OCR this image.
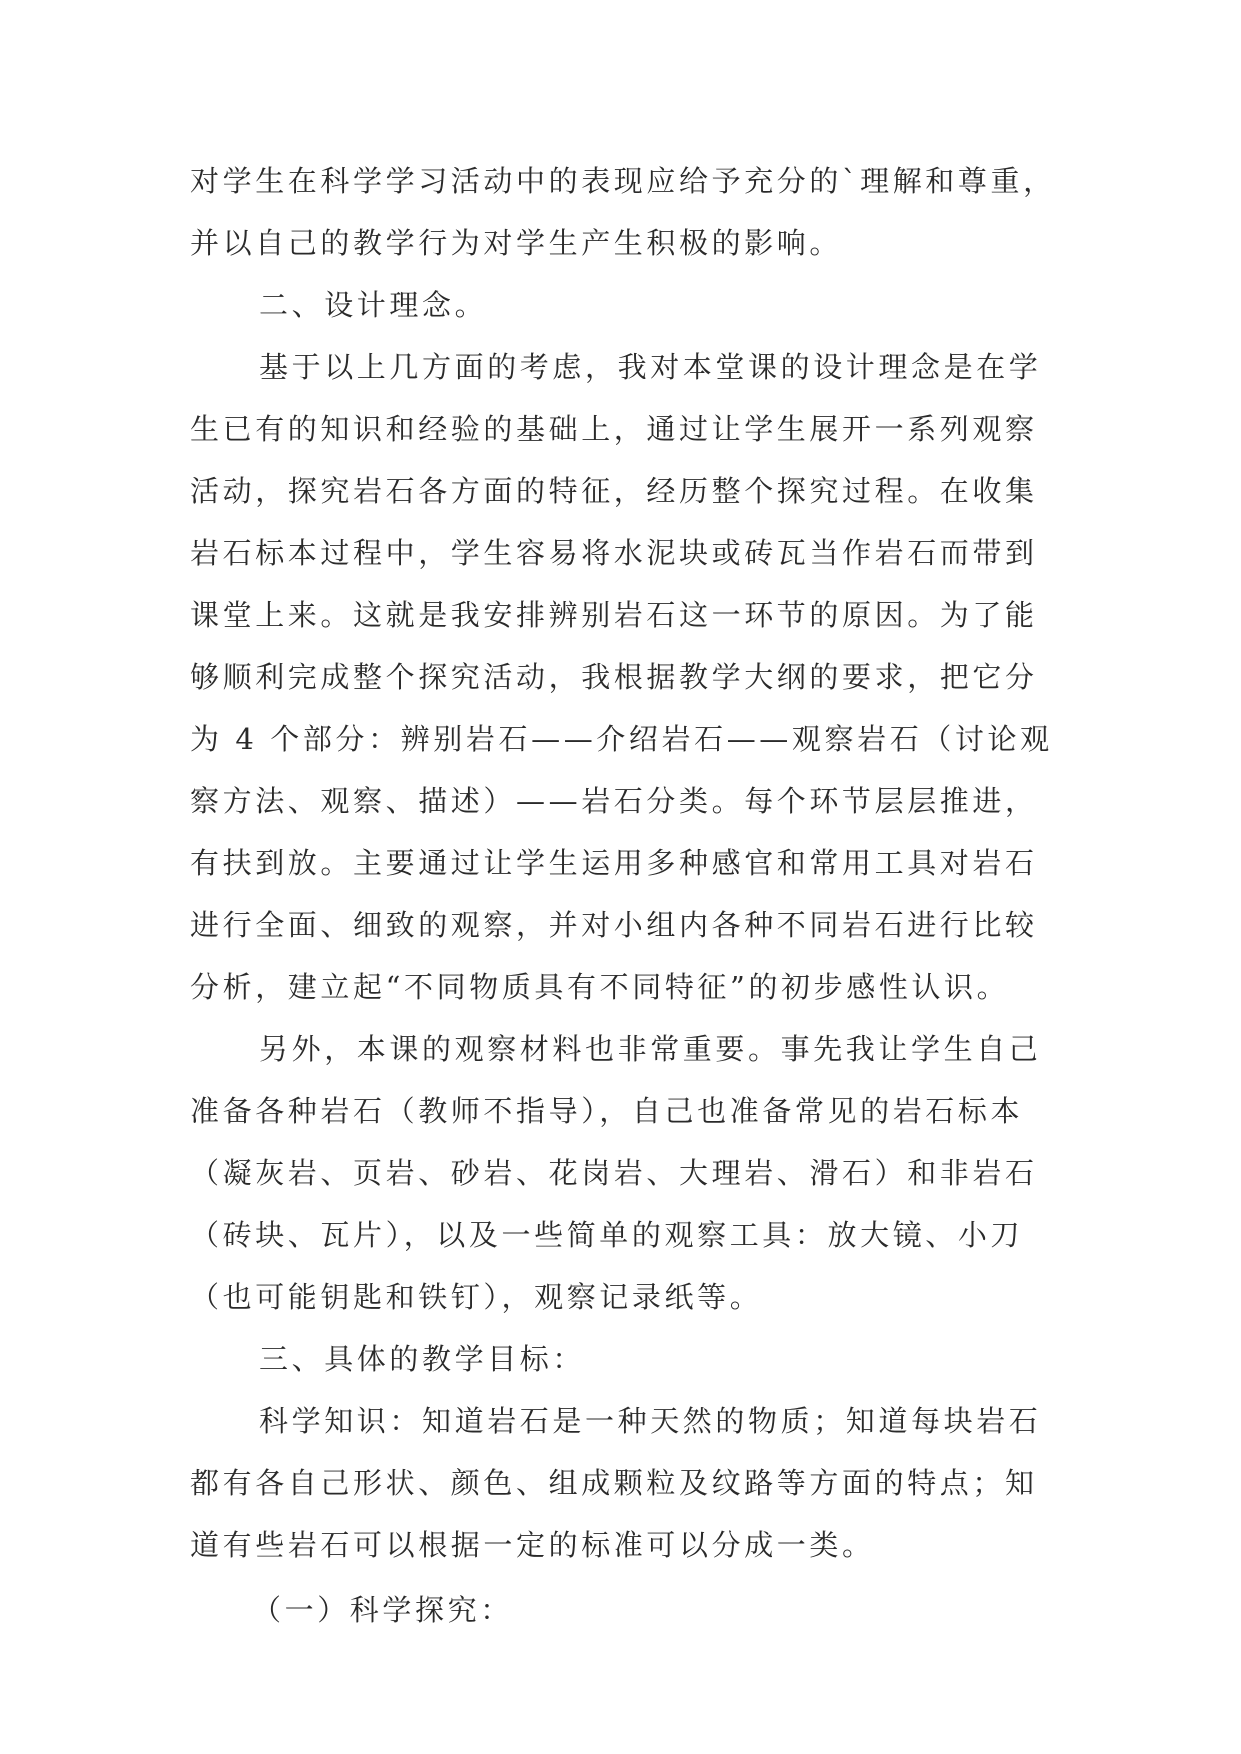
对学生在科学学习活动中的表现应给予充分的`理解和尊重，
并以自己的教学行为对学生产生积极的影响。
二、设计理念。
基于以上几方面的考虑，我对本堂课的设计理念是在学
生已有的知识和经验的基础上，通过让学生展开一系列观察
活动，探究岩石各方面的特征，经历整个探究过程。在收集
岩石标本过程中，学生容易将水泥块或砖瓦当作岩石而带到
课堂上来。这就是我安排辨别岩石这一环节的原因。为了能
够顺利完成整个探究活动，我根据教学大纲的要求，把它分
为 4 个部分：辨别岩石——介绍岩石——观察岩石（讨论观
察方法、观察、描述）——岩石分类。每个环节层层推进，
有扶到放。主要通过让学生运用多种感官和常用工具对岩石
进行全面、细致的观察，并对小组内各种不同岩石进行比较
分析，建立起“不同物质具有不同特征”的初步感性认识。
另外，本课的观察材料也非常重要。事先我让学生自己
准备各种岩石（教师不指导），自己也准备常见的岩石标本
（凝灰岩、页岩、砂岩、花岗岩、大理岩、滑石）和非岩石
（砖块、瓦片），以及一些简单的观察工具：放大镜、小刀
（也可能钥匙和铁钉），观察记录纸等。
三、具体的教学目标：
科学知识：知道岩石是一种天然的物质；知道每块岩石
都有各自己形状、颜色、组成颗粒及纹路等方面的特点；知
道有些岩石可以根据一定的标准可以分成一类。
（一）科学探究：
